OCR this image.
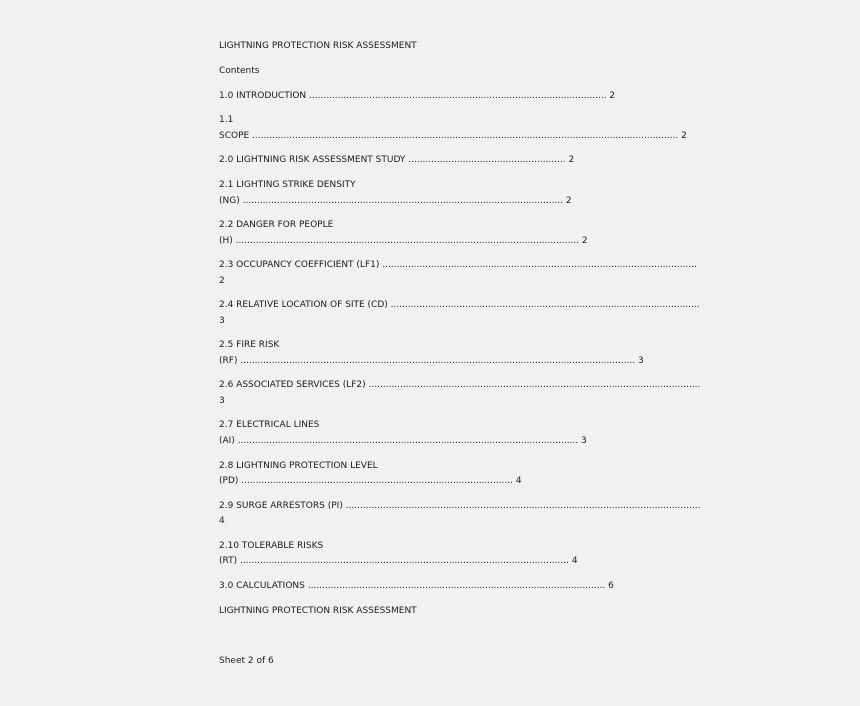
LIGHTNING PROTECTION RISK ASSESSMENT
Contents
1.0 INTRODUCTION ........................................................................................................ 2
1.1
SCOPE ..................................................................................................................................................... 2
2.0 LIGHTNING RISK ASSESSMENT STUDY ....................................................... 2
2.1 LIGHTING STRIKE DENSITY
(NG) ................................................................................................................ 2
2.2 DANGER FOR PEOPLE
(H) ........................................................................................................................ 2
2.3 OCCUPANCY COEFFICIENT (LF1) ..............................................................................................................
2
2.4 RELATIVE LOCATION OF SITE (CD) ............................................................................................................
3
2.5 FIRE RISK
(RF) .......................................................................................................................................... 3
2.6 ASSOCIATED SERVICES (LF2) ....................................................................................................................
3
2.7 ELECTRICAL LINES
(AI) ....................................................................................................................... 3
2.8 LIGHTNING PROTECTION LEVEL
(PD) ............................................................................................... 4
2.9 SURGE ARRESTORS (PI) ............................................................................................................................
4
2.10 TOLERABLE RISKS
(RT) ................................................................................................................... 4
3.0 CALCULATIONS ........................................................................................................ 6
LIGHTNING PROTECTION RISK ASSESSMENT
Sheet 2 of 6
